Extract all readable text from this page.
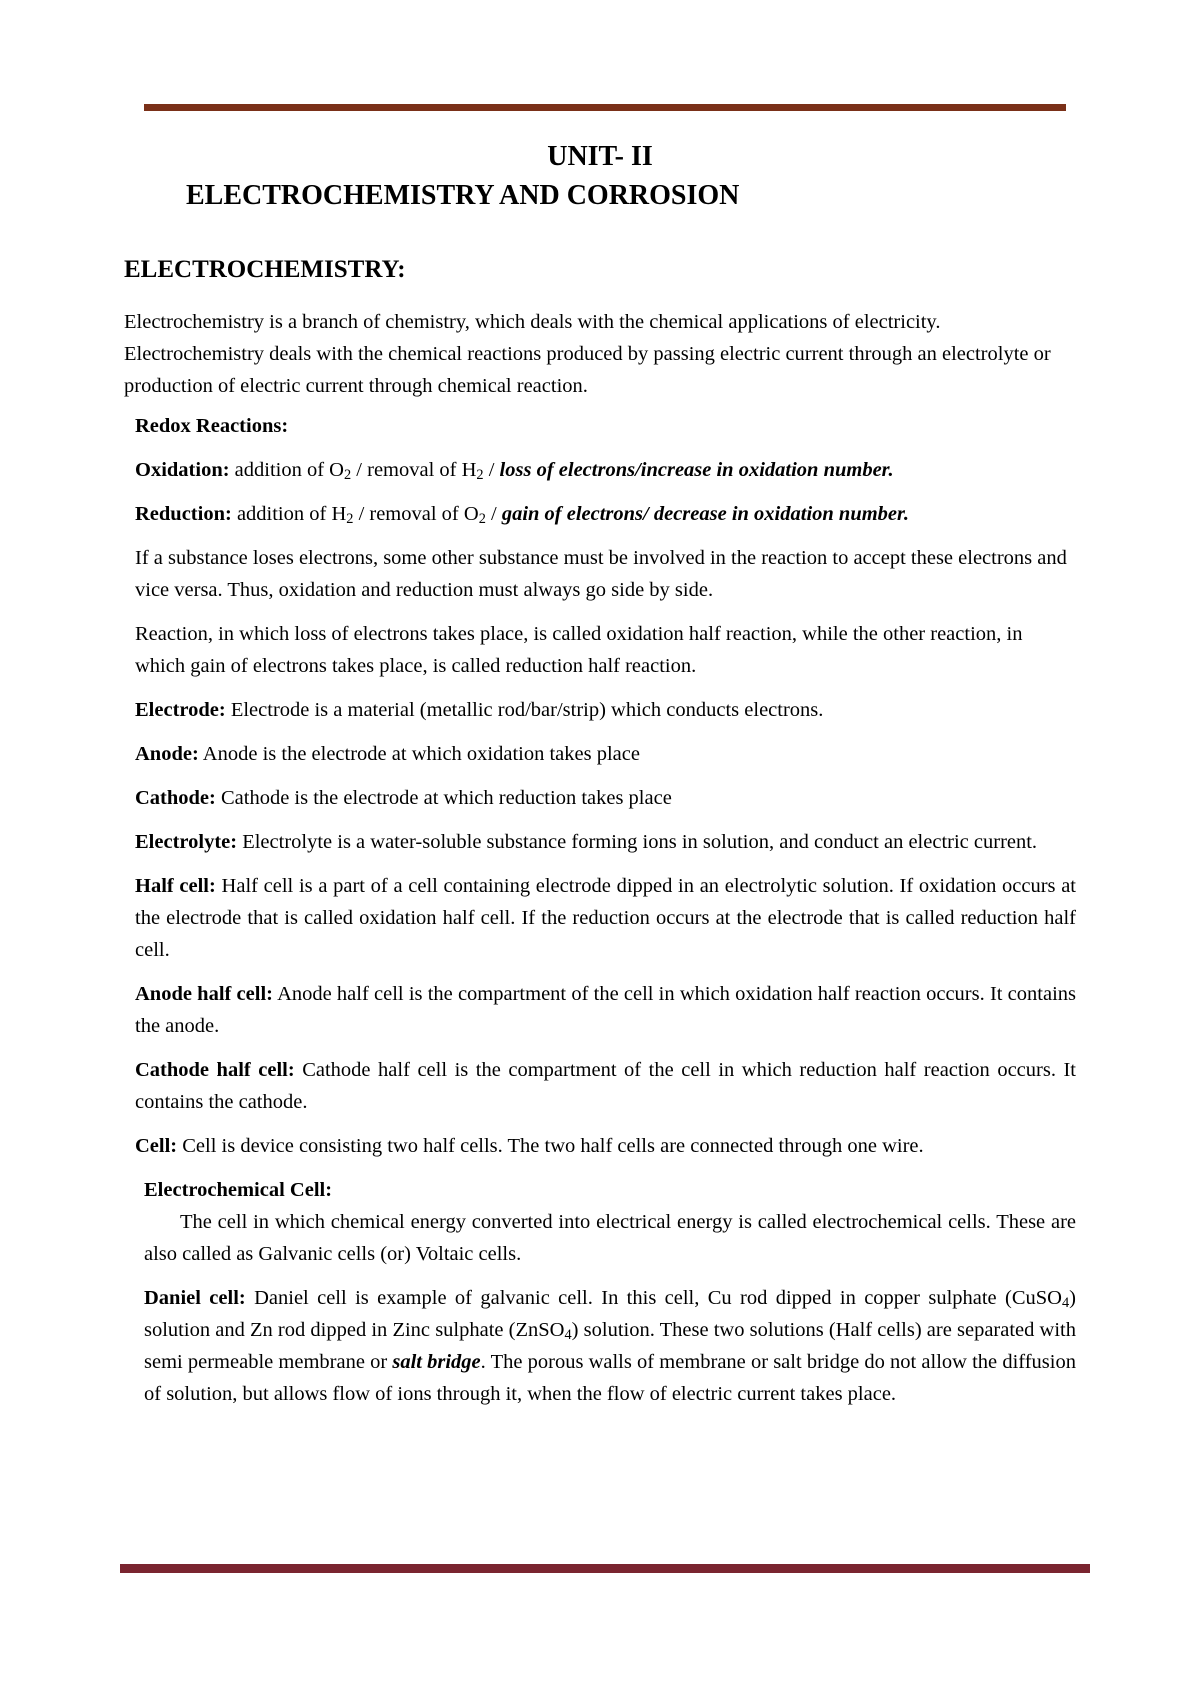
UNIT- II
ELECTROCHEMISTRY AND CORROSION
ELECTROCHEMISTRY:

Electrochemistry is a branch of chemistry, which deals with the chemical applications of electricity. Electrochemistry deals with the chemical reactions produced by passing electric current through an electrolyte or production of electric current through chemical reaction.

Redox Reactions:

Oxidation: addition of $O_2$ / removal of $H_2$ / loss of electrons/increase in oxidation number.

Reduction: addition of $H_2$ / removal of $O_2$ / gain of electrons/ decrease in oxidation number.

If a substance loses electrons, some other substance must be involved in the reaction to accept these electrons and vice versa. Thus, oxidation and reduction must always go side by side.

Reaction, in which loss of electrons takes place, is called oxidation half reaction, while the other reaction, in which gain of electrons takes place, is called reduction half reaction.

Electrode: Electrode is a material (metallic rod/bar/strip) which conducts electrons.

Anode: Anode is the electrode at which oxidation takes place

Cathode: Cathode is the electrode at which reduction takes place

Electrolyte: Electrolyte is a water-soluble substance forming ions in solution, and conduct an electric current.

Half cell: Half cell is a part of a cell containing electrode dipped in an electrolytic solution. If oxidation occurs at the electrode that is called oxidation half cell. If the reduction occurs at the electrode that is called reduction half cell.

Anode half cell: Anode half cell is the compartment of the cell in which oxidation half reaction occurs. It contains the anode.

Cathode half cell: Cathode half cell is the compartment of the cell in which reduction half reaction occurs. It contains the cathode.

Cell: Cell is device consisting two half cells. The two half cells are connected through one wire.

Electrochemical Cell:

The cell in which chemical energy converted into electrical energy is called electrochemical cells. These are also called as Galvanic cells (or) Voltaic cells.

Daniel cell: Daniel cell is example of galvanic cell. In this cell, Cu rod dipped in copper sulphate (CuSO$_4$) solution and Zn rod dipped in Zinc sulphate (ZnSO$_4$) solution. These two solutions (Half cells) are separated with semi permeable membrane or salt bridge. The porous walls of membrane or salt bridge do not allow the diffusion of solution, but allows flow of ions through it, when the flow of electric current takes place.
